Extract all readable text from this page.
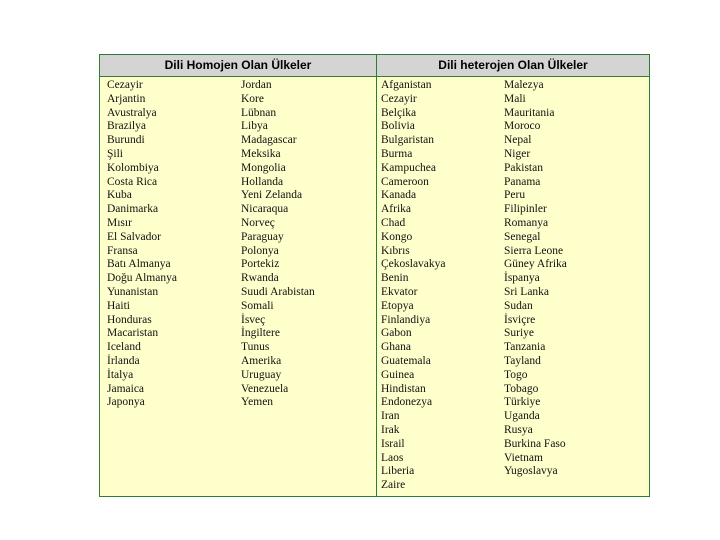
Dili Homojen Olan Ülkeler	Dili heterojen Olan Ülkeler
Cezayir
Arjantin
Avustralya
Brazilya
Burundi
Şili
Kolombiya
Costa Rica
Kuba
Danimarka
Mısır
El Salvador
Fransa
Batı Almanya
Doğu Almanya
Yunanistan
Haiti
Honduras
Macaristan
Iceland
İrlanda
İtalya
Jamaica
Japonya
Jordan
Kore
Lübnan
Libya
Madagascar
Meksika
Mongolia
Hollanda
Yeni Zelanda
Nicaraqua
Norveç
Paraguay
Polonya
Portekiz
Rwanda
Suudi Arabistan
Somali
İsveç
İngiltere
Tunus
Amerika
Uruguay
Venezuela
Yemen
Afganistan
Cezayir
Belçika
Bolivia
Bulgaristan
Burma
Kampuchea
Cameroon
Kanada
Afrika
Chad
Kongo
Kıbrıs
Çekoslavakya
Benin
Ekvator
Etopya
Finlandiya
Gabon
Ghana
Guatemala
Guinea
Hindistan
Endonezya
Iran
Irak
Israil
Laos
Liberia
Zaire
Malezya
Mali
Mauritania
Moroco
Nepal
Niger
Pakistan
Panama
Peru
Filipinler
Romanya
Senegal
Sierra Leone
Güney Afrika
İspanya
Sri Lanka
Sudan
İsviçre
Suriye
Tanzania
Tayland
Togo
Tobago
Türkiye
Uganda
Rusya
Burkina Faso
Vietnam
Yugoslavya
